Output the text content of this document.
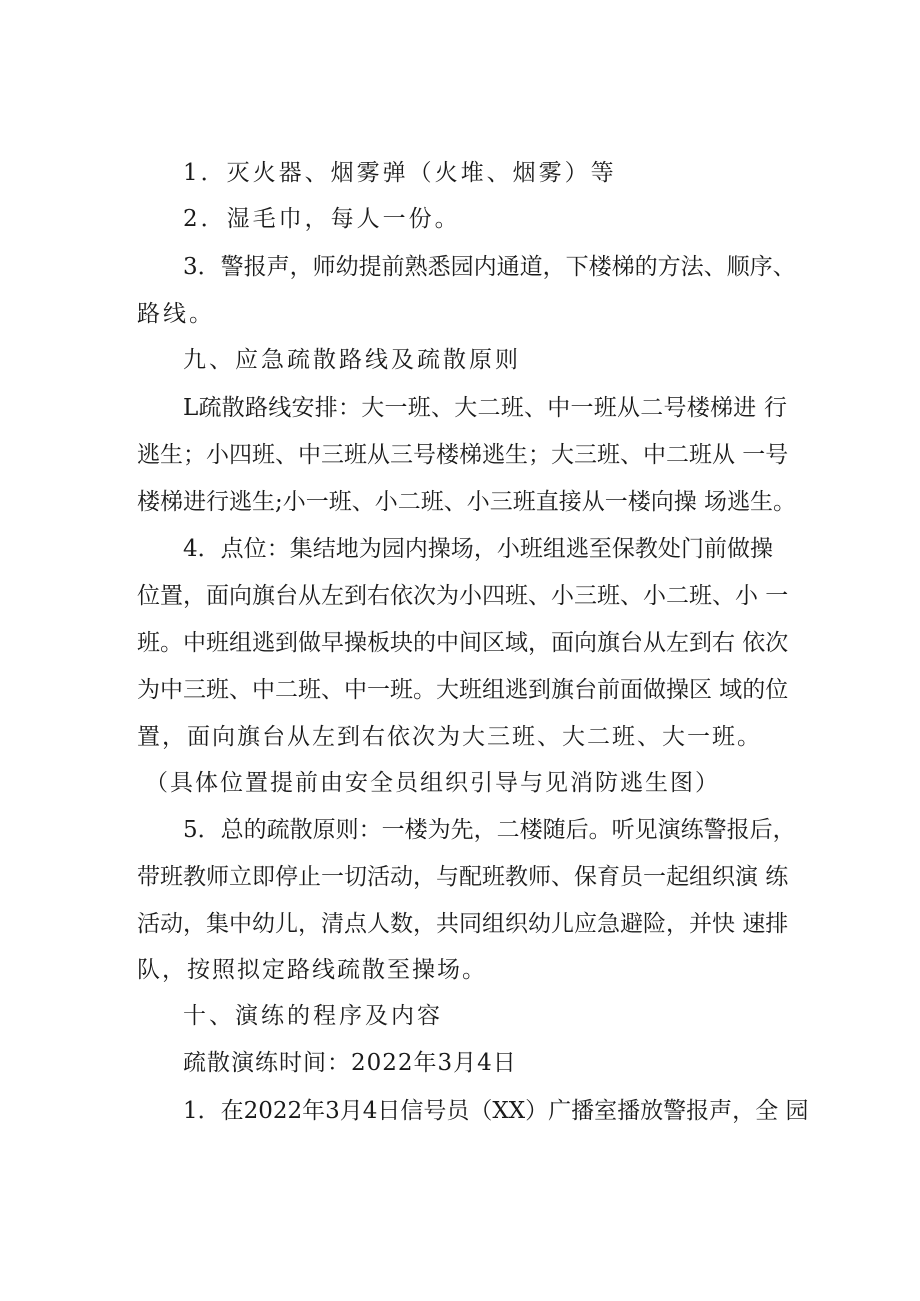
1．灭火器、烟雾弹（火堆、烟雾）等
2．湿毛巾，每人一份。
3．警报声，师幼提前熟悉园内通道，下楼梯的方法、顺序、
路线。
九、应急疏散路线及疏散原则
L疏散路线安排：大一班、大二班、中一班从二号楼梯进 行
逃生；小四班、中三班从三号楼梯逃生；大三班、中二班从 一号
楼梯进行逃生;小一班、小二班、小三班直接从一楼向操 场逃生。
4．点位：集结地为园内操场，小班组逃至保教处门前做操
位置，面向旗台从左到右依次为小四班、小三班、小二班、小 一
班。中班组逃到做早操板块的中间区域，面向旗台从左到右 依次
为中三班、中二班、中一班。大班组逃到旗台前面做操区 域的位
置，面向旗台从左到右依次为大三班、大二班、大一班。
（具体位置提前由安全员组织引导与见消防逃生图）
5．总的疏散原则：一楼为先，二楼随后。听见演练警报后，
带班教师立即停止一切活动，与配班教师、保育员一起组织演 练
活动，集中幼儿，清点人数，共同组织幼儿应急避险，并快 速排
队，按照拟定路线疏散至操场。
十、演练的程序及内容
疏散演练时间：2022年3月4日
1．在2022年3月4日信号员（XX）广播室播放警报声，全 园
